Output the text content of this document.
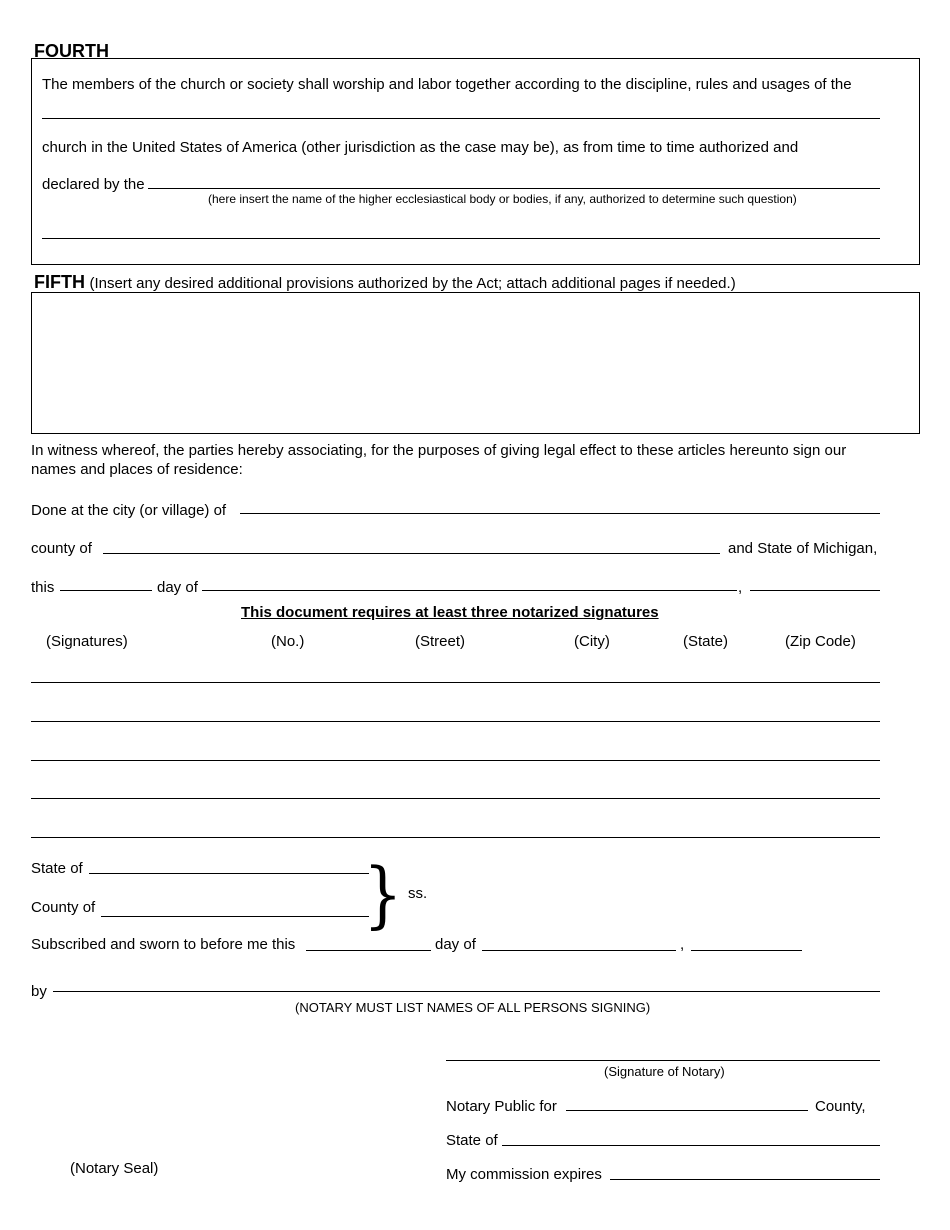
FOURTH
The members of the church or society shall worship and labor together according to the discipline, rules and usages of the
church in the United States of America (other jurisdiction as the case may be), as from time to time authorized and
declared by the
(here insert the name of the higher ecclesiastical body or bodies, if any, authorized to determine such question)
FIFTH (Insert any desired additional provisions authorized by the Act; attach additional pages if needed.)
In witness whereof, the parties hereby associating, for the purposes of giving legal effect to these articles hereunto sign our names and places of residence:
Done at the city (or village) of
county of	and State of Michigan,
this	day of	,
This document requires at least three notarized signatures
(Signatures)	(No.)	(Street)	(City)	(State)	(Zip Code)
State of
County of	} ss.
Subscribed and sworn to before me this	day of	,
by
(NOTARY MUST LIST NAMES OF ALL PERSONS SIGNING)
(Signature of Notary)
Notary Public for	County,
State of
(Notary Seal)	My commission expires
